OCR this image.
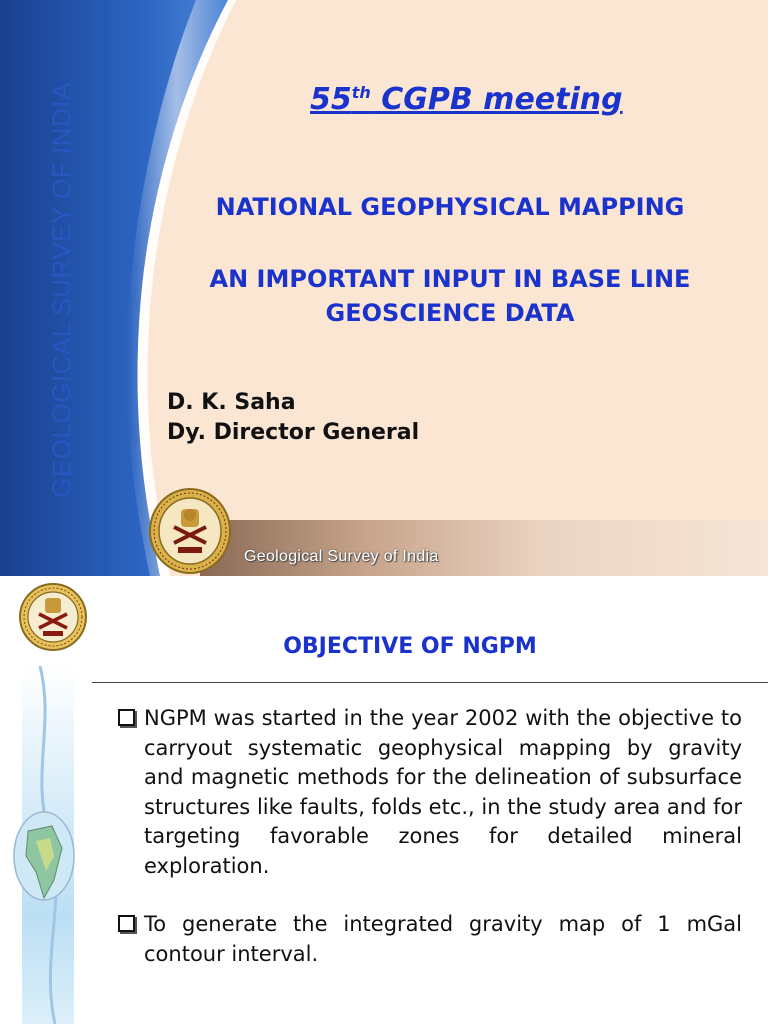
GEOLOGICAL SURVEY OF INDIA	55th CGPB meeting
NATIONAL GEOPHYSICAL MAPPING
AN IMPORTANT INPUT IN BASE LINE
GEOSCIENCE DATA
D. K. Saha
Dy. Director General
Geological Survey of India
OBJECTIVE OF NGPM
NGPM was started in the year 2002 with the objective to carryout systematic geophysical mapping by gravity and magnetic methods for the delineation of subsurface structures like faults, folds etc., in the study area and for targeting favorable zones for detailed mineral exploration.
To generate the integrated gravity map of 1 mGal contour interval.
